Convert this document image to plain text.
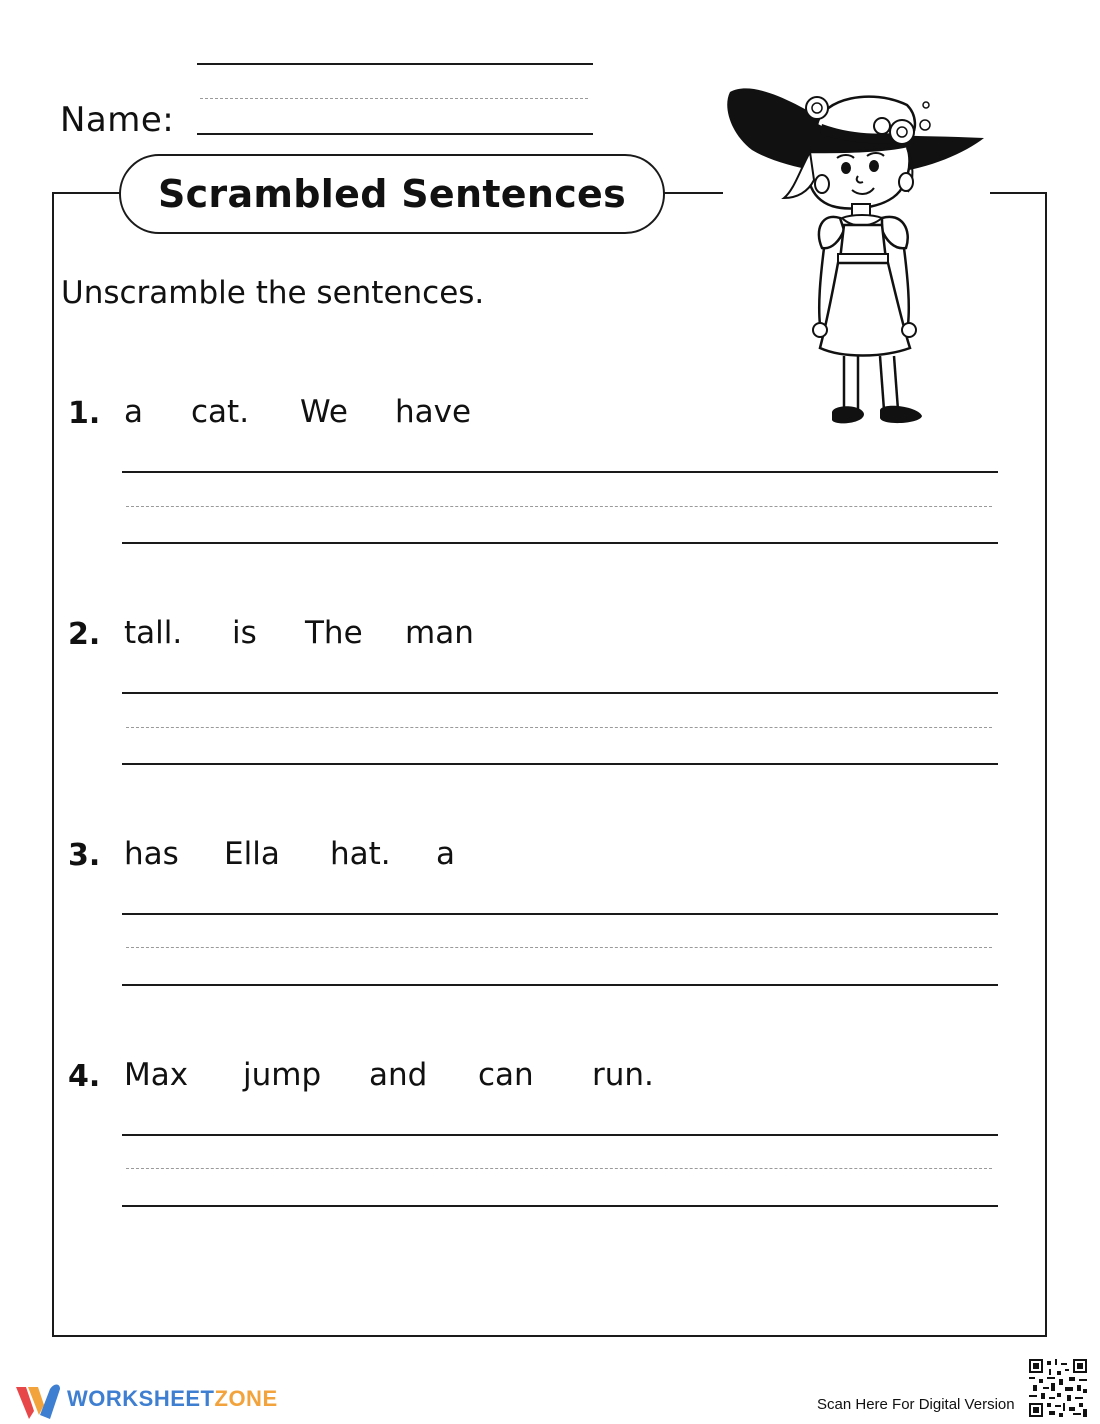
Name:
Scrambled Sentences
Unscramble the sentences.
1. a cat. We have
2. tall. is The man
3. has Ella hat. a
4. Max jump and can run.
WORKSHEETZONE	Scan Here For Digital Version
